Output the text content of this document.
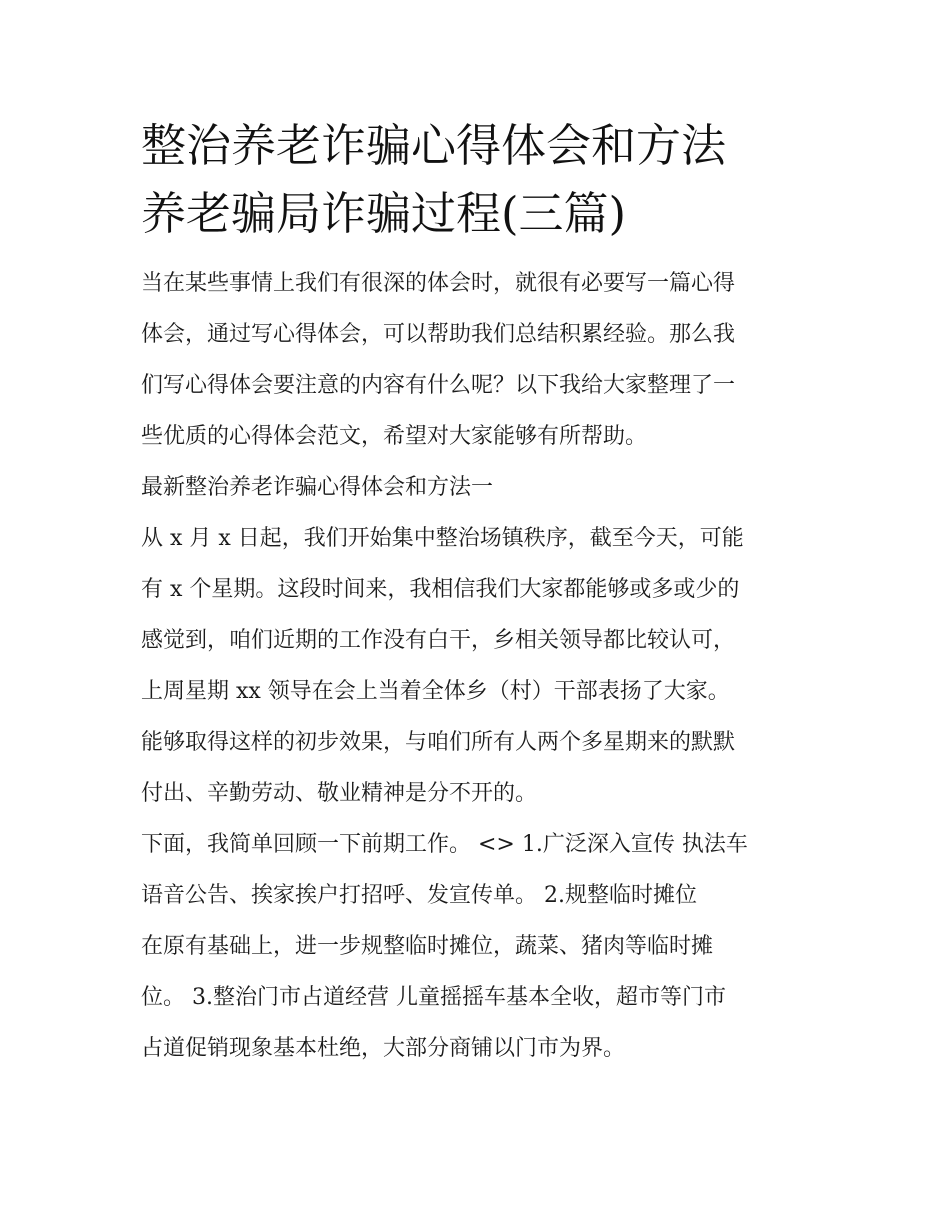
整治养老诈骗心得体会和方法
养老骗局诈骗过程(三篇)

当在某些事情上我们有很深的体会时，就很有必要写一篇心得
体会，通过写心得体会，可以帮助我们总结积累经验。那么我
们写心得体会要注意的内容有什么呢？以下我给大家整理了一
些优质的心得体会范文，希望对大家能够有所帮助。

最新整治养老诈骗心得体会和方法一

从 x 月 x 日起，我们开始集中整治场镇秩序，截至今天，可能
有 x 个星期。这段时间来，我相信我们大家都能够或多或少的
感觉到，咱们近期的工作没有白干，乡相关领导都比较认可，
上周星期 xx 领导在会上当着全体乡（村）干部表扬了大家。
能够取得这样的初步效果，与咱们所有人两个多星期来的默默
付出、辛勤劳动、敬业精神是分不开的。

下面，我简单回顾一下前期工作。 <> 1.广泛深入宣传 执法车
语音公告、挨家挨户打招呼、发宣传单。 2.规整临时摊位
在原有基础上，进一步规整临时摊位，蔬菜、猪肉等临时摊
位。 3.整治门市占道经营 儿童摇摇车基本全收，超市等门市
占道促销现象基本杜绝，大部分商铺以门市为界。
